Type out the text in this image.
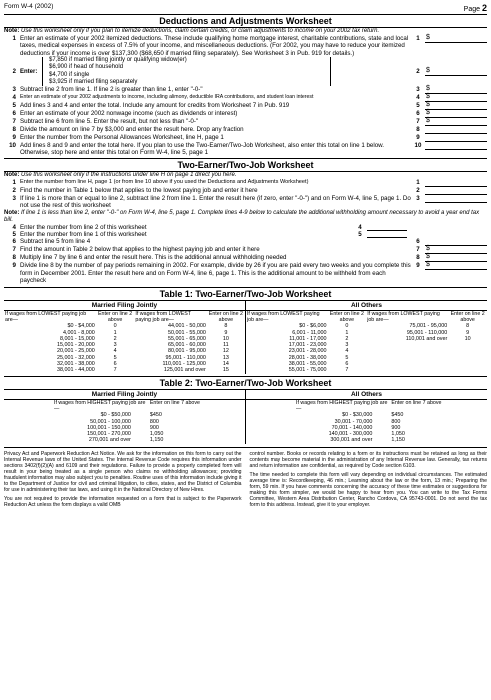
Form W-4 (2002)	Page 2
Deductions and Adjustments Worksheet
Note: Use this worksheet only if you plan to itemize deductions, claim certain credits, or claim adjustments to income on your 2002 tax return.
1 Enter an estimate of your 2002 itemized deductions. These include qualifying home mortgage interest, charitable contributions, state and local taxes, medical expenses in excess of 7.5% of your income, and miscellaneous deductions. (For 2002, you may have to reduce your itemized deductions if your income is over $137,300 ($68,650 if married filing separately). See Worksheet 3 in Pub. 919 for details.)
1 $
2 Enter:
$7,850 if married filing jointly or qualifying widow(er)
$6,900 if head of household
$4,700 if single
$3,925 if married filing separately
2 $
3 Subtract line 2 from line 1. If line 2 is greater than line 1, enter "-0-"	3 $
4 Enter an estimate of your 2002 adjustments to income, including alimony, deductible IRA contributions, and student loan interest	4 $
5 Add lines 3 and 4 and enter the total. Include any amount for credits from Worksheet 7 in Pub. 919	5 $
6 Enter an estimate of your 2002 nonwage income (such as dividends or interest)	6 $
7 Subtract line 6 from line 5. Enter the result, but not less than "-0-"	7 $
8 Divide the amount on line 7 by $3,000 and enter the result here. Drop any fraction	8
9 Enter the number from the Personal Allowances Worksheet, line H, page 1	9
10 Add lines 8 and 9 and enter the total here. If you plan to use the Two-Earner/Two-Job Worksheet, also enter this total on line 1 below. Otherwise, stop here and enter this total on Form W-4, line 5, page 1
10
Two-Earner/Two-Job Worksheet
Note: Use this worksheet only if the instructions under line H on page 1 direct you here.
1 Enter the number from line H, page 1 (or from line 10 above if you used the Deductions and Adjustments Worksheet)	1
2 Find the number in Table 1 below that applies to the lowest paying job and enter it here	2
3 If line 1 is more than or equal to line 2, subtract line 2 from line 1. Enter the result here (if zero, enter "-0-") and on Form W-4, line 5, page 1. Do not use the rest of this worksheet
3
Note: If line 1 is less than line 2, enter "-0-" on Form W-4, line 5, page 1. Complete lines 4-9 below to calculate the additional withholding amount necessary to avoid a year end tax bill.
4 Enter the number from line 2 of this worksheet	4
5 Enter the number from line 1 of this worksheet	5
6 Subtract line 5 from line 4	6
7 Find the amount in Table 2 below that applies to the highest paying job and enter it here	7 $
8 Multiply line 7 by line 6 and enter the result here. This is the additional annual withholding needed	8 $
9 Divide line 8 by the number of pay periods remaining in 2002. For example, divide by 26 if you are paid every two weeks and you complete this form in December 2001. Enter the result here and on Form W-4, line 6, page 1. This is the additional amount to be withheld from each paycheck
9 $
Table 1: Two-Earner/Two-Job Worksheet
Married Filing Jointly				All Others			
If wages from LOWEST paying job are—	Enter on line 2 above	If wages from LOWEST paying job are—	Enter on line 2 above	If wages from LOWEST paying job are—	Enter on line 2 above	If wages from LOWEST paying job are—	Enter on line 2 above
$0 - $4,000	0	44,001 - 50,000	8	$0 - $6,000	0	75,001 - 95,000	8
4,001 - 8,000	1	50,001 - 55,000	9	6,001 - 11,000	1	95,001 - 110,000	9
8,001 - 15,000	2	55,001 - 65,000	10	11,001 - 17,000	2	110,001 and over	10
15,001 - 20,000	3	65,001 - 60,000	11	17,001 - 23,000	3		
20,001 - 25,000	4	80,001 - 95,000	12	23,001 - 28,000	4		
25,001 - 32,000	5	95,001 - 110,000	13	28,001 - 38,000	5		
32,001 - 38,000	6	110,001 - 125,000	14	38,001 - 55,000	6		
38,001 - 44,000	7	125,001 and over	15	55,001 - 75,000	7		
Table 2: Two-Earner/Two-Job Worksheet
Married Filing Jointly		All Others	
If wages from HIGHEST paying job are—	Enter on line 7 above	If wages from HIGHEST paying job are—	Enter on line 7 above
$0 - $50,000	$450	$0 - $30,000	$450
50,001 - 100,000	800	30,001 - 70,000	800
100,001 - 150,000	900	70,001 - 140,000	900
150,001 - 270,000	1,050	140,001 - 300,000	1,050
270,001 and over	1,150	300,001 and over	1,150

Privacy Act and Paperwork Reduction Act Notice. We ask for the information on this form to carry out the Internal Revenue laws of the United States. The Internal Revenue Code requires this information under sections 3402(f)(2)(A) and 6109 and their regulations. Failure to provide a properly completed form will result in your being treated as a single person who claims no withholding allowances; providing fraudulent information may also subject you to penalties. Routine uses of this information include giving it to the Department of Justice for civil and criminal litigation, to cities, states, and the District of Columbia for use in administering their tax laws, and using it in the National Directory of New Hires.

You are not required to provide the information requested on a form that is subject to the Paperwork Reduction Act unless the form displays a valid OMB

control number. Books or records relating to a form or its instructions must be retained as long as their contents may become material in the administration of any Internal Revenue law. Generally, tax returns and return information are confidential, as required by Code section 6103.

The time needed to complete this form will vary depending on individual circumstances. The estimated average time is: Recordkeeping, 46 min.; Learning about the law or the form, 13 min.; Preparing the form, 59 min. If you have comments concerning the accuracy of these time estimates or suggestions for making this form simpler, we would be happy to hear from you. You can write to the Tax Forms Committee, Western Area Distribution Center, Rancho Cordova, CA 95743-0001. Do not send the tax form to this address. Instead, give it to your employer.
